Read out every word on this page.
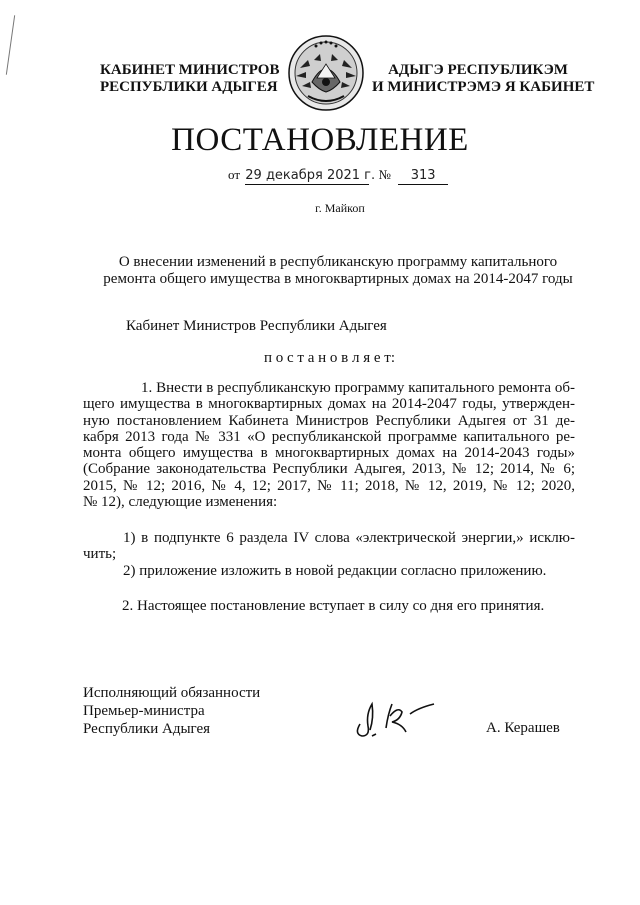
КАБИНЕТ МИНИСТРОВ
РЕСПУБЛИКИ АДЫГЕЯ
АДЫГЭ РЕСПУБЛИКЭМ
И МИНИСТРЭМЭ Я КАБИНЕТ
ПОСТАНОВЛЕНИЕ
от 29 декабря 2021 г. № 313
г. Майкоп
О внесении изменений в республиканскую программу капитального
ремонта общего имущества в многоквартирных домах на 2014-2047 годы
Кабинет Министров Республики Адыгея
п о с т а н о в л я е т:
1. Внести в республиканскую программу капитального ремонта об-
щего имущества в многоквартирных домах на 2014-2047 годы, утвержден-
ную постановлением Кабинета Министров Республики Адыгея от 31 де-
кабря 2013 года № 331 «О республиканской программе капитального ре-
монта общего имущества в многоквартирных домах на 2014-2043 годы»
(Собрание законодательства Республики Адыгея, 2013, № 12; 2014, № 6;
2015, № 12; 2016, № 4, 12; 2017, № 11; 2018, № 12, 2019, № 12; 2020,
№ 12), следующие изменения:
1) в подпункте 6 раздела IV слова «электрической энергии,» исклю-
чить;
2) приложение изложить в новой редакции согласно приложению.
2. Настоящее постановление вступает в силу со дня его принятия.
Исполняющий обязанности
Премьер-министра
Республики Адыгея	А. Керашев
